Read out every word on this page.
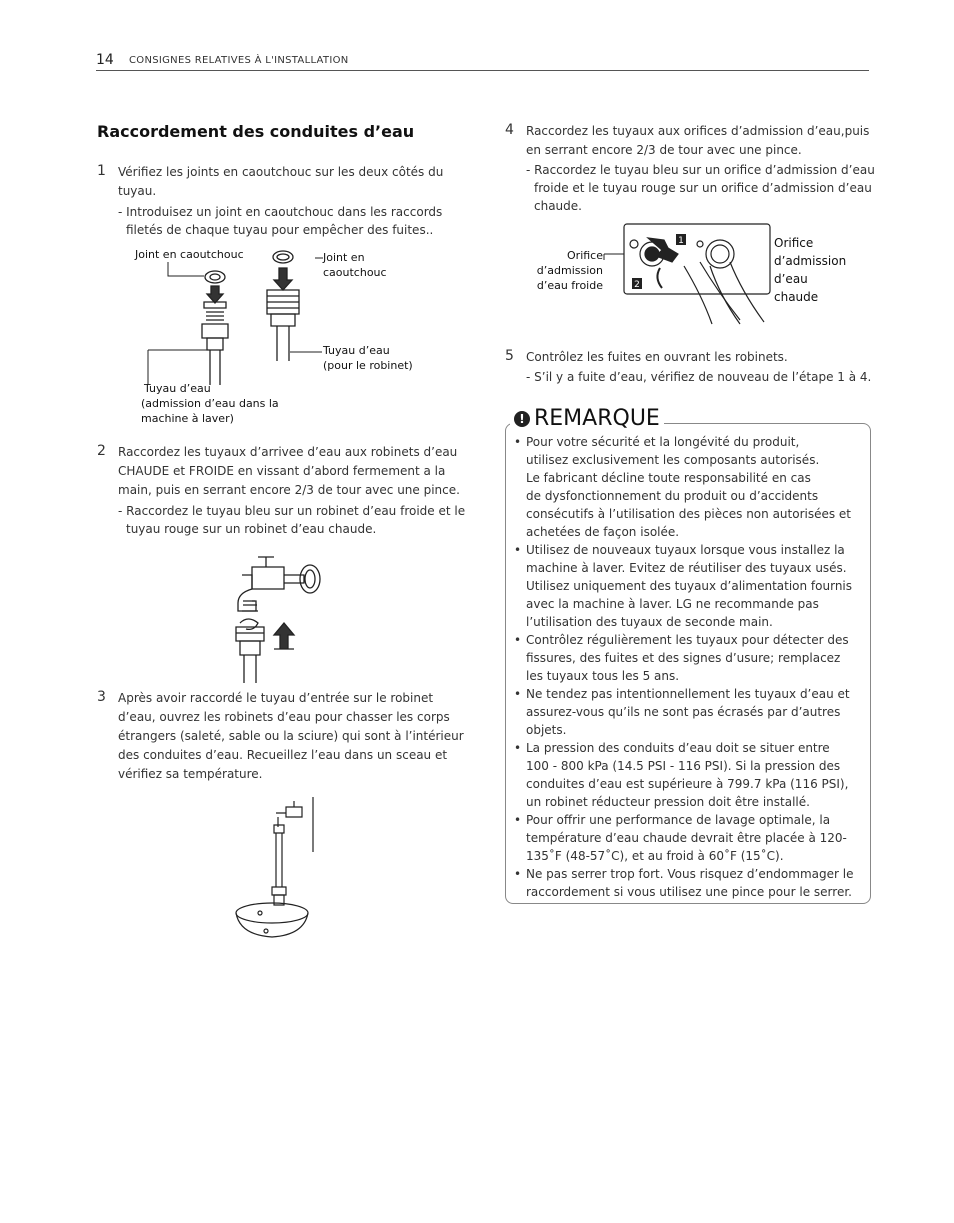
14 CONSIGNES RELATIVES À L'INSTALLATION
Raccordement des conduites d’eau
1 Vérifiez les joints en caoutchouc sur les deux côtés du
tuyau.
- Introduisez un joint en caoutchouc dans les raccords
filetés de chaque tuyau pour empêcher des fuites..
Joint en caoutchouc	Joint en
caoutchouc
Tuyau d’eau
(pour le robinet)
Tuyau d’eau
(admission d’eau dans la
machine à laver)
2 Raccordez les tuyaux d’arrivee d’eau aux robinets d’eau
CHAUDE et FROIDE en vissant d’abord fermement a la
main, puis en serrant encore 2/3 de tour avec une pince.
- Raccordez le tuyau bleu sur un robinet d’eau froide et le
tuyau rouge sur un robinet d’eau chaude.
3 Après avoir raccordé le tuyau d’entrée sur le robinet
d’eau, ouvrez les robinets d’eau pour chasser les corps
étrangers (saleté, sable ou la sciure) qui sont à l’intérieur
des conduites d’eau. Recueillez l’eau dans un sceau et
vérifiez sa température.
4 Raccordez les tuyaux aux orifices d’admission d’eau,puis
en serrant encore 2/3 de tour avec une pince.
- Raccordez le tuyau bleu sur un orifice d’admission d’eau
froide et le tuyau rouge sur un orifice d’admission d’eau
chaude.
Orifice
d’admission
d’eau froide
Orifice
d’admission
d’eau
chaude
1
2
5 Contrôlez les fuites en ouvrant les robinets.
- S’il y a fuite d’eau, vérifiez de nouveau de l’étape 1 à 4.
! REMARQUE
• Pour votre sécurité et la longévité du produit,
utilisez exclusivement les composants autorisés.
Le fabricant décline toute responsabilité en cas
de dysfonctionnement du produit ou d’accidents
consécutifs à l’utilisation des pièces non autorisées et
achetées de façon isolée.
• Utilisez de nouveaux tuyaux lorsque vous installez la
machine à laver. Evitez de réutiliser des tuyaux usés.
Utilisez uniquement des tuyaux d’alimentation fournis
avec la machine à laver. LG ne recommande pas
l’utilisation des tuyaux de seconde main.
• Contrôlez régulièrement les tuyaux pour détecter des
fissures, des fuites et des signes d’usure; remplacez
les tuyaux tous les 5 ans.
• Ne tendez pas intentionnellement les tuyaux d’eau et
assurez-vous qu’ils ne sont pas écrasés par d’autres
objets.
• La pression des conduits d’eau doit se situer entre
100 - 800 kPa (14.5 PSI - 116 PSI). Si la pression des
conduites d’eau est supérieure à 799.7 kPa (116 PSI),
un robinet réducteur pression doit être installé.
• Pour offrir une performance de lavage optimale, la
température d’eau chaude devrait être placée à 120-
135˚F (48-57˚C), et au froid à 60˚F (15˚C).
• Ne pas serrer trop fort. Vous risquez d’endommager le
raccordement si vous utilisez une pince pour le serrer.
